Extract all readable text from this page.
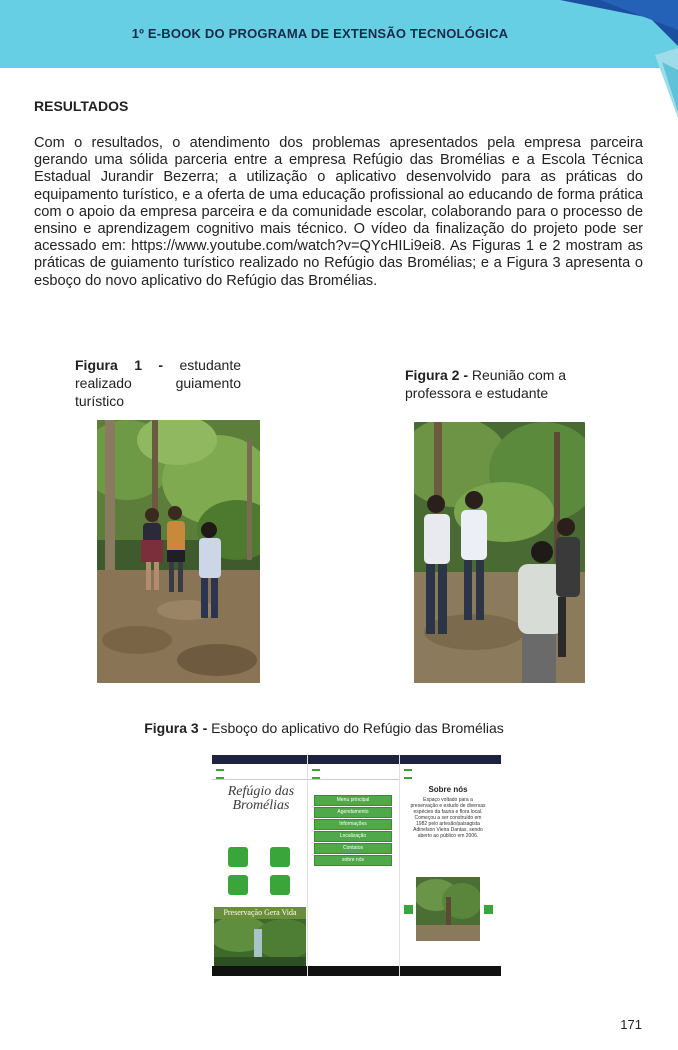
1º E-BOOK DO PROGRAMA DE EXTENSÃO TECNOLÓGICA
RESULTADOS
Com o resultados, o atendimento dos problemas apresentados pela empresa parceira gerando uma sólida parceria entre a empresa Refúgio das Bromélias e a Escola Técnica Estadual Jurandir Bezerra; a utilização o aplicativo desenvolvido para as práticas do equipamento turístico, e a oferta de uma educação profissional ao educando de forma prática com o apoio da empresa parceira e da comunidade escolar, colaborando para o processo de ensino e aprendizagem cognitivo mais técnico. O vídeo da finalização do projeto pode ser acessado em: https://www.youtube.com/watch?v=QYcHILi9ei8. As Figuras 1 e 2 mostram as práticas de guiamento turístico realizado no Refúgio das Bromélias; e a Figura 3 apresenta o esboço do novo aplicativo do Refúgio das Bromélias.
Figura 1 - estudante realizado guiamento turístico
Figura 2 - Reunião com a professora e estudante
Figura 3 - Esboço do aplicativo do Refúgio das Bromélias
Refúgio das Bromélias
Preservação Gera Vida
Menu principal
Agendamento
Informações
Localização
Contatos
sobre nós
Sobre nós
Espaço voltado para a preservação e estudo de diversas espécies da fauna e flora local. Começou a ser construído em 1982 pelo artesão/paisagista Adinelson Vieira Dantas, sendo aberto ao público em 2006.
171
